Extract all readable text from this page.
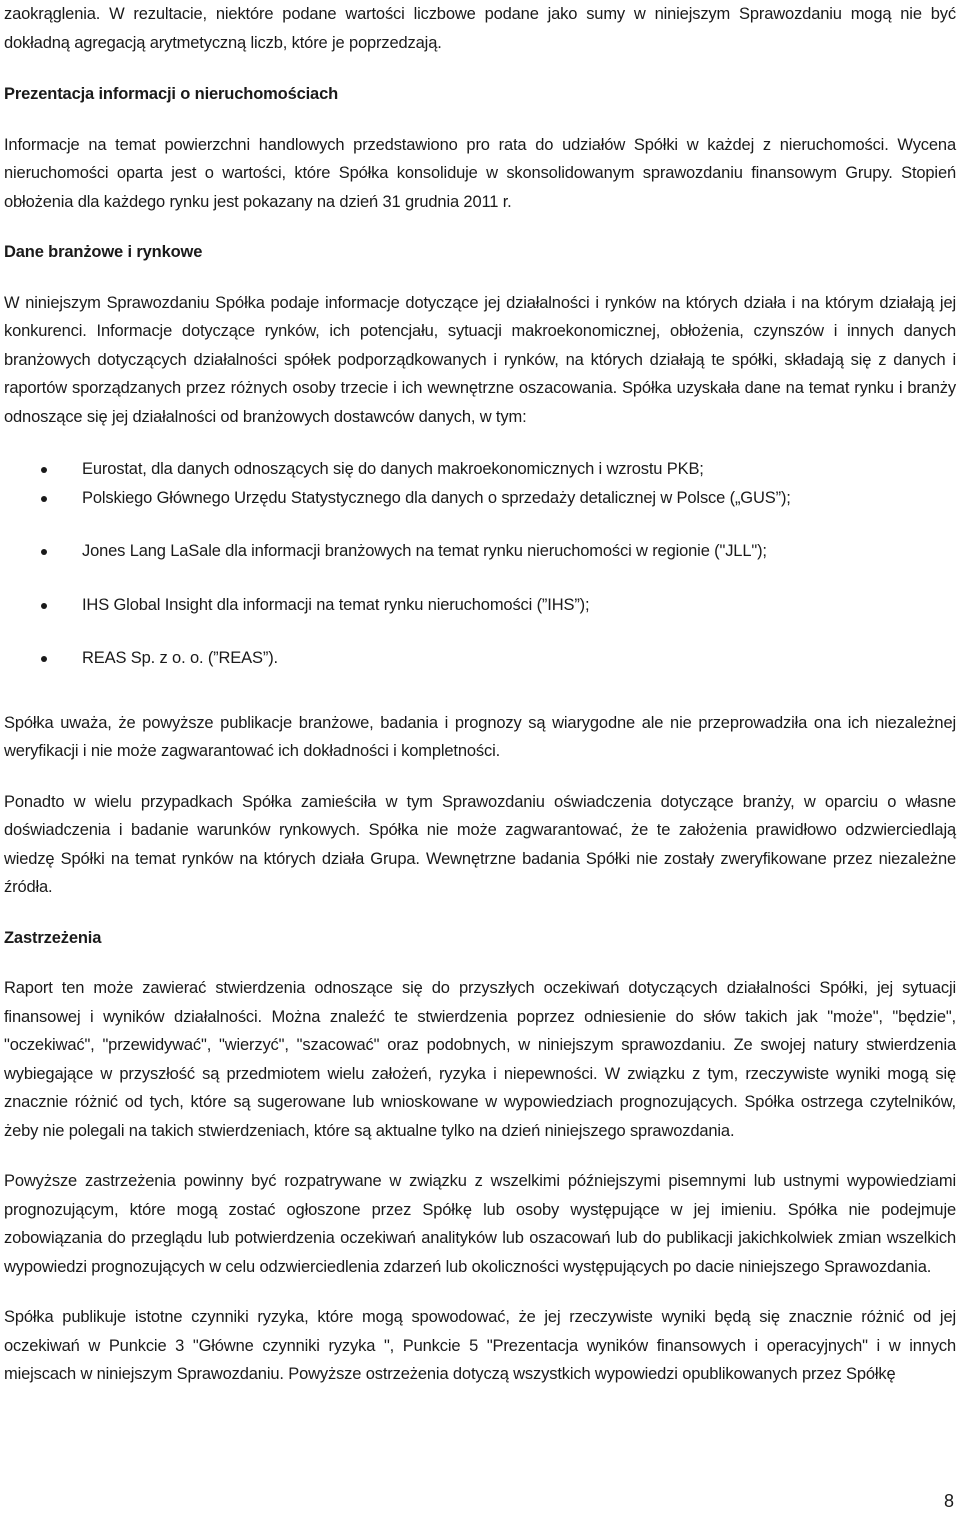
zaokrąglenia. W rezultacie, niektóre podane wartości liczbowe podane jako sumy w niniejszym Sprawozdaniu mogą nie być dokładną agregacją arytmetyczną liczb, które je poprzedzają.

Prezentacja informacji o nieruchomościach

Informacje na temat powierzchni handlowych przedstawiono pro rata do udziałów Spółki w każdej z nieruchomości. Wycena nieruchomości oparta jest o wartości, które Spółka konsoliduje w skonsolidowanym sprawozdaniu finansowym Grupy. Stopień obłożenia dla każdego rynku jest pokazany na dzień 31 grudnia 2011 r.

Dane branżowe i rynkowe

W niniejszym Sprawozdaniu Spółka podaje informacje dotyczące jej działalności i rynków na których działa i na którym działają jej konkurenci. Informacje dotyczące rynków, ich potencjału, sytuacji makroekonomicznej, obłożenia, czynszów i innych danych branżowych dotyczących działalności spółek podporządkowanych i rynków, na których działają te spółki, składają się z danych i raportów sporządzanych przez różnych osoby trzecie i ich wewnętrzne oszacowania. Spółka uzyskała dane na temat rynku i branży odnoszące się jej działalności od branżowych dostawców danych, w tym:

Eurostat, dla danych odnoszących się do danych makroekonomicznych i wzrostu PKB;
Polskiego Głównego Urzędu Statystycznego dla danych o sprzedaży detalicznej w Polsce („GUS”);
Jones Lang LaSale dla informacji branżowych na temat rynku nieruchomości w regionie ("JLL");
IHS Global Insight dla informacji na temat rynku nieruchomości (”IHS”);
REAS Sp. z o. o. (”REAS”).

Spółka uważa, że powyższe publikacje branżowe, badania i prognozy są wiarygodne ale nie przeprowadziła ona ich niezależnej weryfikacji i nie może zagwarantować ich dokładności i kompletności.

Ponadto w wielu przypadkach Spółka zamieściła w tym Sprawozdaniu oświadczenia dotyczące branży, w oparciu o własne doświadczenia i badanie warunków rynkowych. Spółka nie może zagwarantować, że te założenia prawidłowo odzwierciedlają wiedzę Spółki na temat rynków na których działa Grupa. Wewnętrzne badania Spółki nie zostały zweryfikowane przez niezależne źródła.

Zastrzeżenia

Raport ten może zawierać stwierdzenia odnoszące się do przyszłych oczekiwań dotyczących działalności Spółki, jej sytuacji finansowej i wyników działalności. Można znaleźć te stwierdzenia poprzez odniesienie do słów takich jak "może", "będzie", "oczekiwać", "przewidywać", "wierzyć", "szacować" oraz podobnych, w niniejszym sprawozdaniu. Ze swojej natury stwierdzenia wybiegające w przyszłość są przedmiotem wielu założeń, ryzyka i niepewności. W związku z tym, rzeczywiste wyniki mogą się znacznie różnić od tych, które są sugerowane lub wnioskowane w wypowiedziach prognozujących. Spółka ostrzega czytelników, żeby nie polegali na takich stwierdzeniach, które są aktualne tylko na dzień niniejszego sprawozdania.

Powyższe zastrzeżenia powinny być rozpatrywane w związku z wszelkimi późniejszymi pisemnymi lub ustnymi wypowiedziami prognozującym, które mogą zostać ogłoszone przez Spółkę lub osoby występujące w jej imieniu. Spółka nie podejmuje zobowiązania do przeglądu lub potwierdzenia oczekiwań analityków lub oszacowań lub do publikacji jakichkolwiek zmian wszelkich wypowiedzi prognozujących w celu odzwierciedlenia zdarzeń lub okoliczności występujących po dacie niniejszego Sprawozdania.

Spółka publikuje istotne czynniki ryzyka, które mogą spowodować, że jej rzeczywiste wyniki będą się znacznie różnić od jej oczekiwań w Punkcie 3 "Główne czynniki ryzyka ", Punkcie 5 "Prezentacja wyników finansowych i operacyjnych" i w innych miejscach w niniejszym Sprawozdaniu. Powyższe ostrzeżenia dotyczą wszystkich wypowiedzi opublikowanych przez Spółkę

8
